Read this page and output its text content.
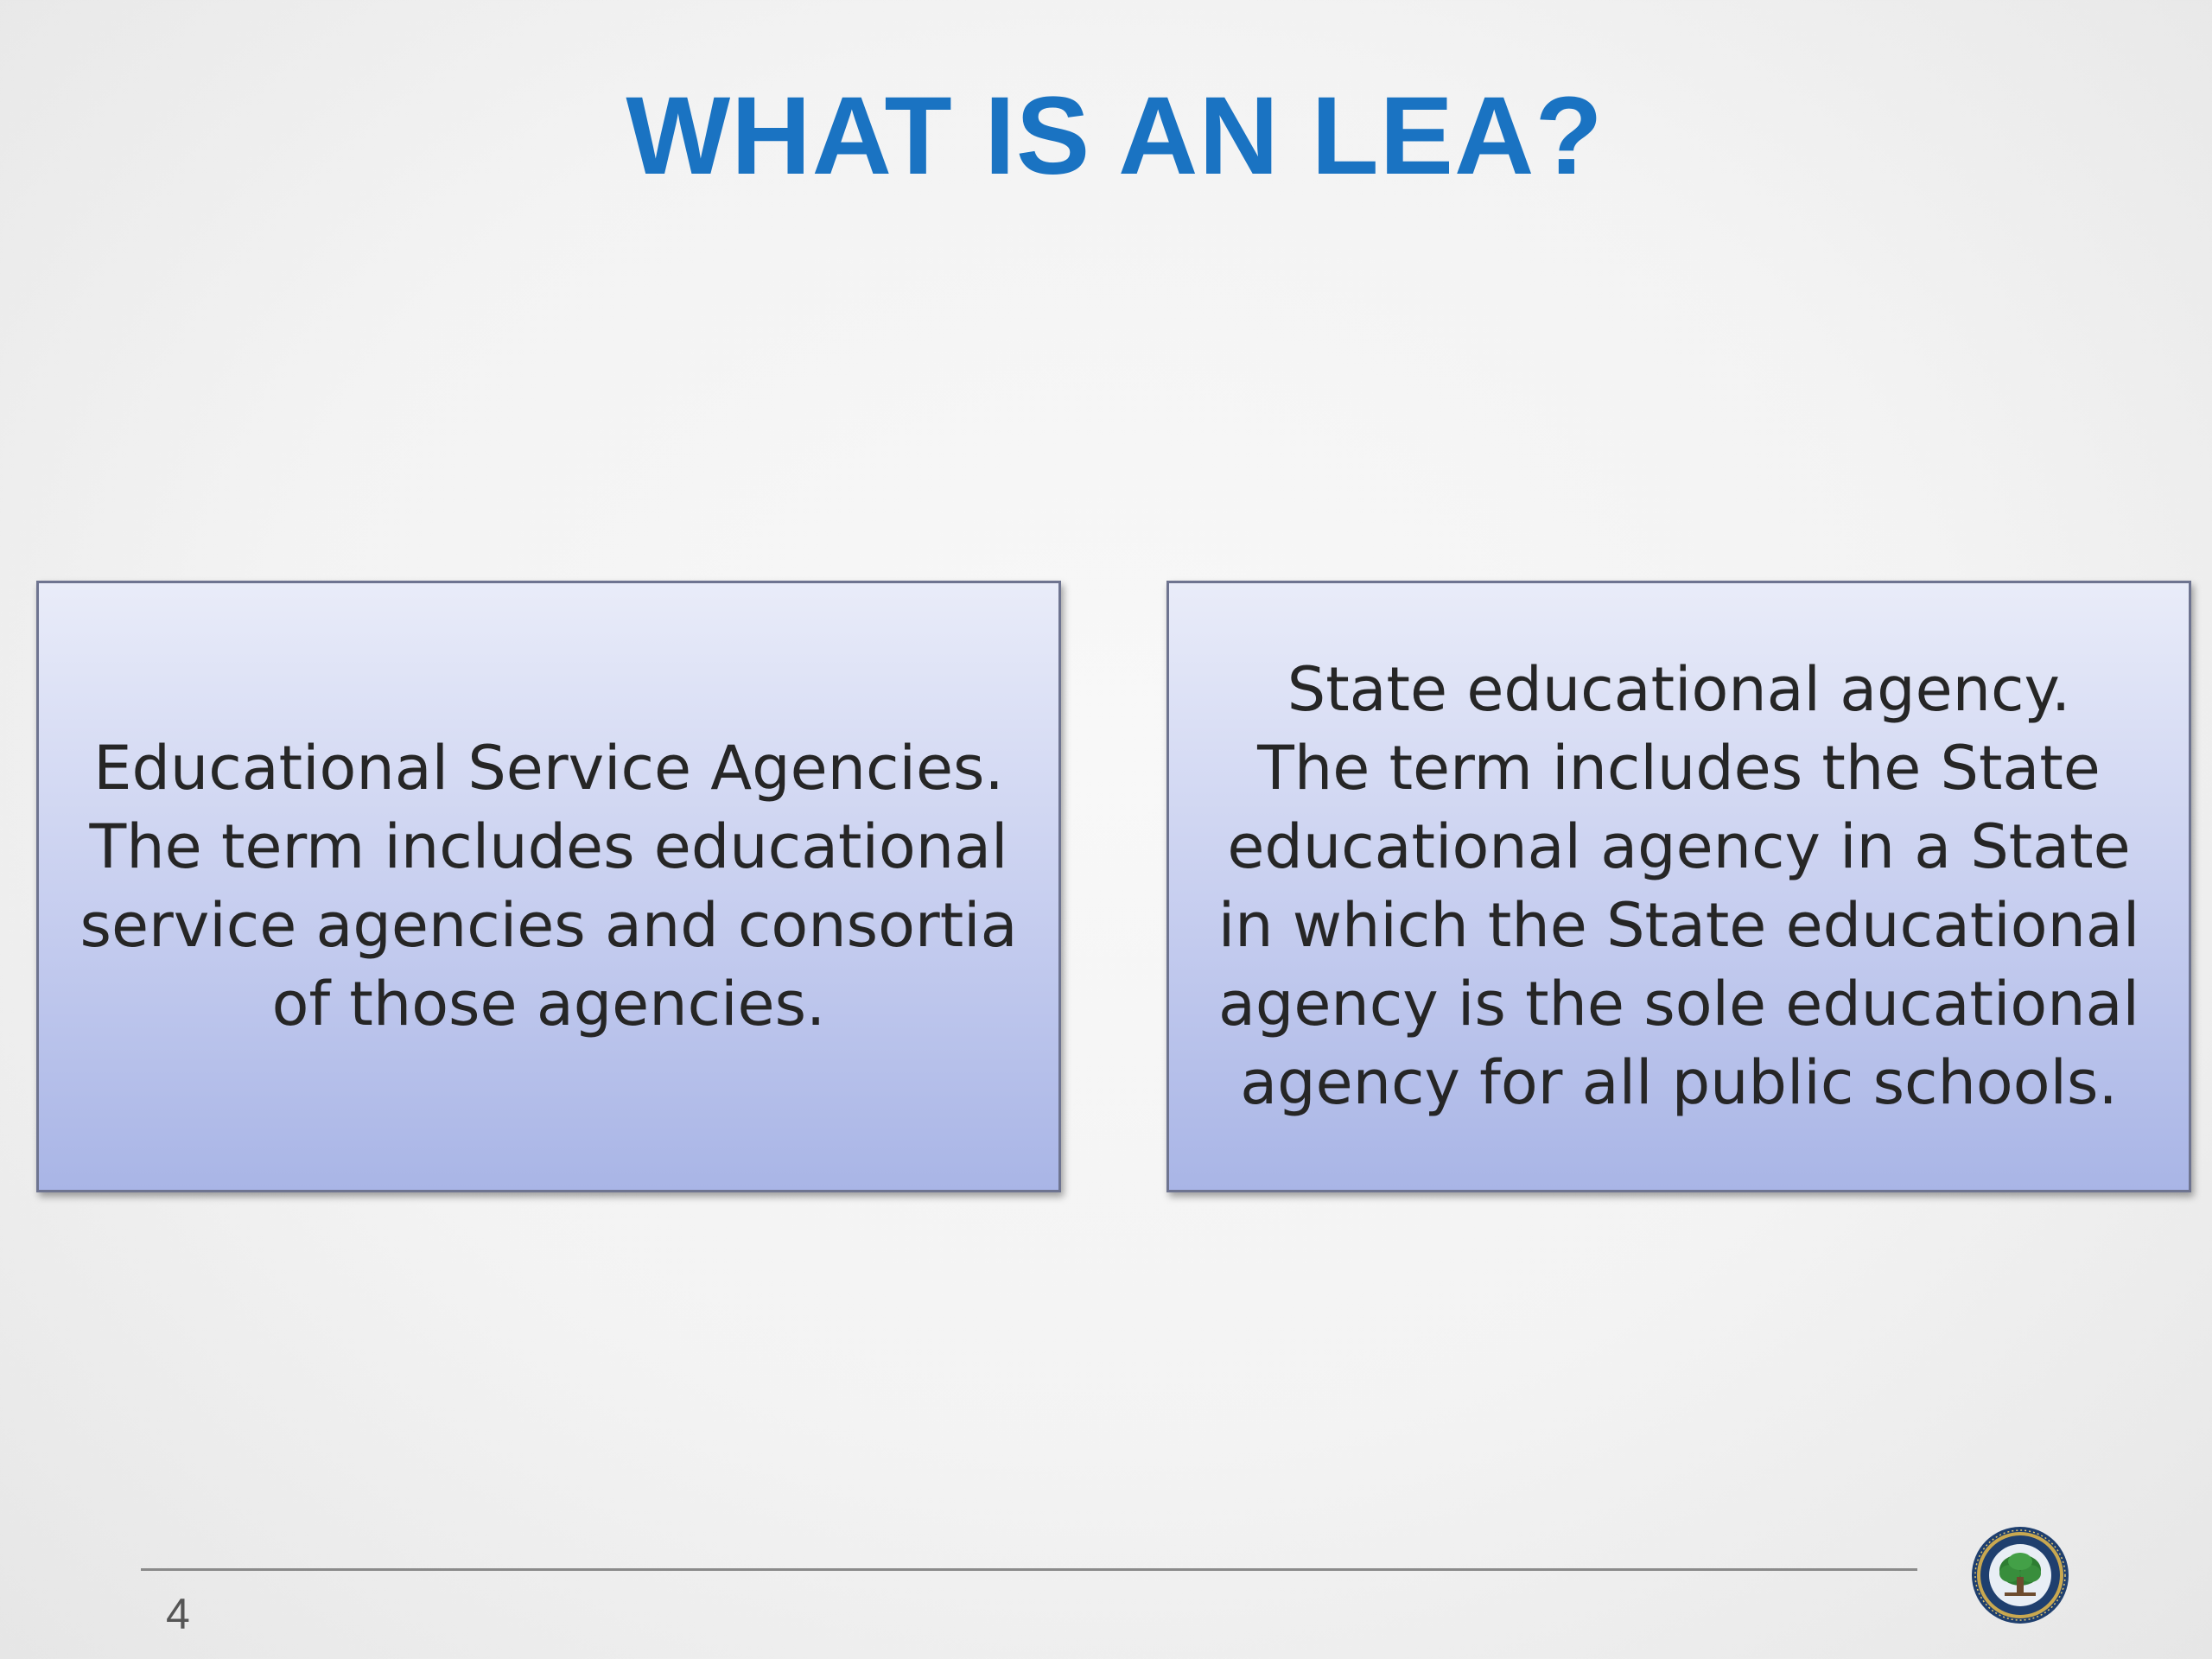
WHAT IS AN LEA?
Educational Service Agencies.
The term includes educational
service agencies and consortia
of those agencies.
State educational agency.
The term includes the State
educational agency in a State
in which the State educational
agency is the sole educational
agency for all public schools.
4
